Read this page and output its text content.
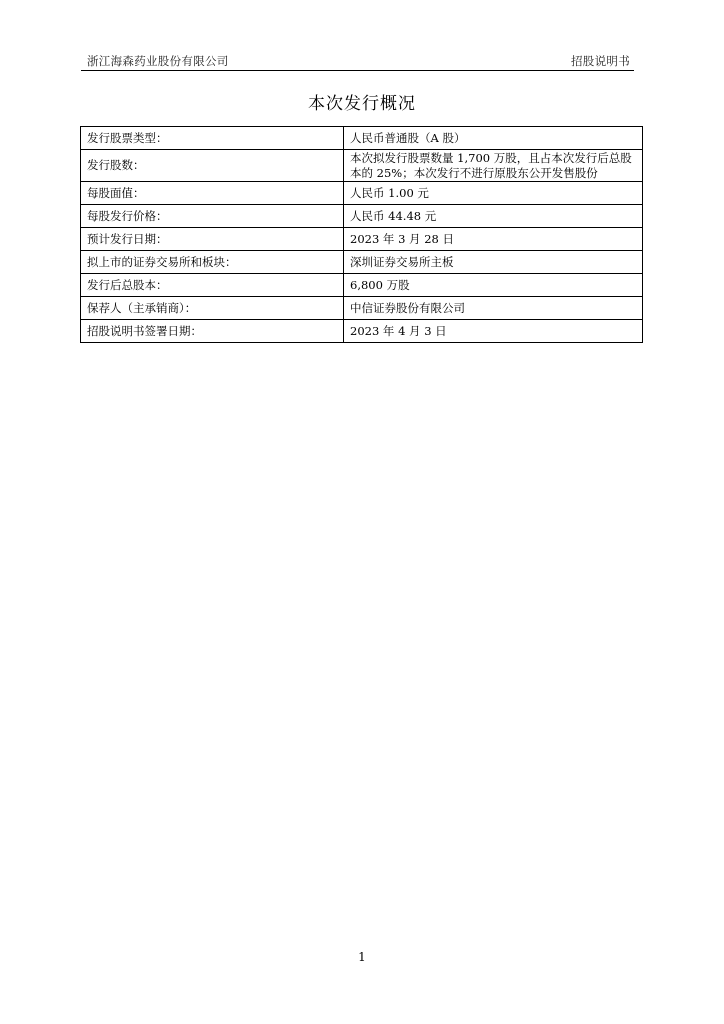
浙江海森药业股份有限公司	招股说明书
本次发行概况
发行股票类型：	人民币普通股（A 股）
发行股数：	本次拟发行股票数量 1,700 万股，且占本次发行后总股本的 25%；本次发行不进行原股东公开发售股份
每股面值：	人民币 1.00 元
每股发行价格：	人民币 44.48 元
预计发行日期：	2023 年 3 月 28 日
拟上市的证券交易所和板块：	深圳证券交易所主板
发行后总股本：	6,800 万股
保荐人（主承销商）：	中信证券股份有限公司
招股说明书签署日期：	2023 年 4 月 3 日
1
